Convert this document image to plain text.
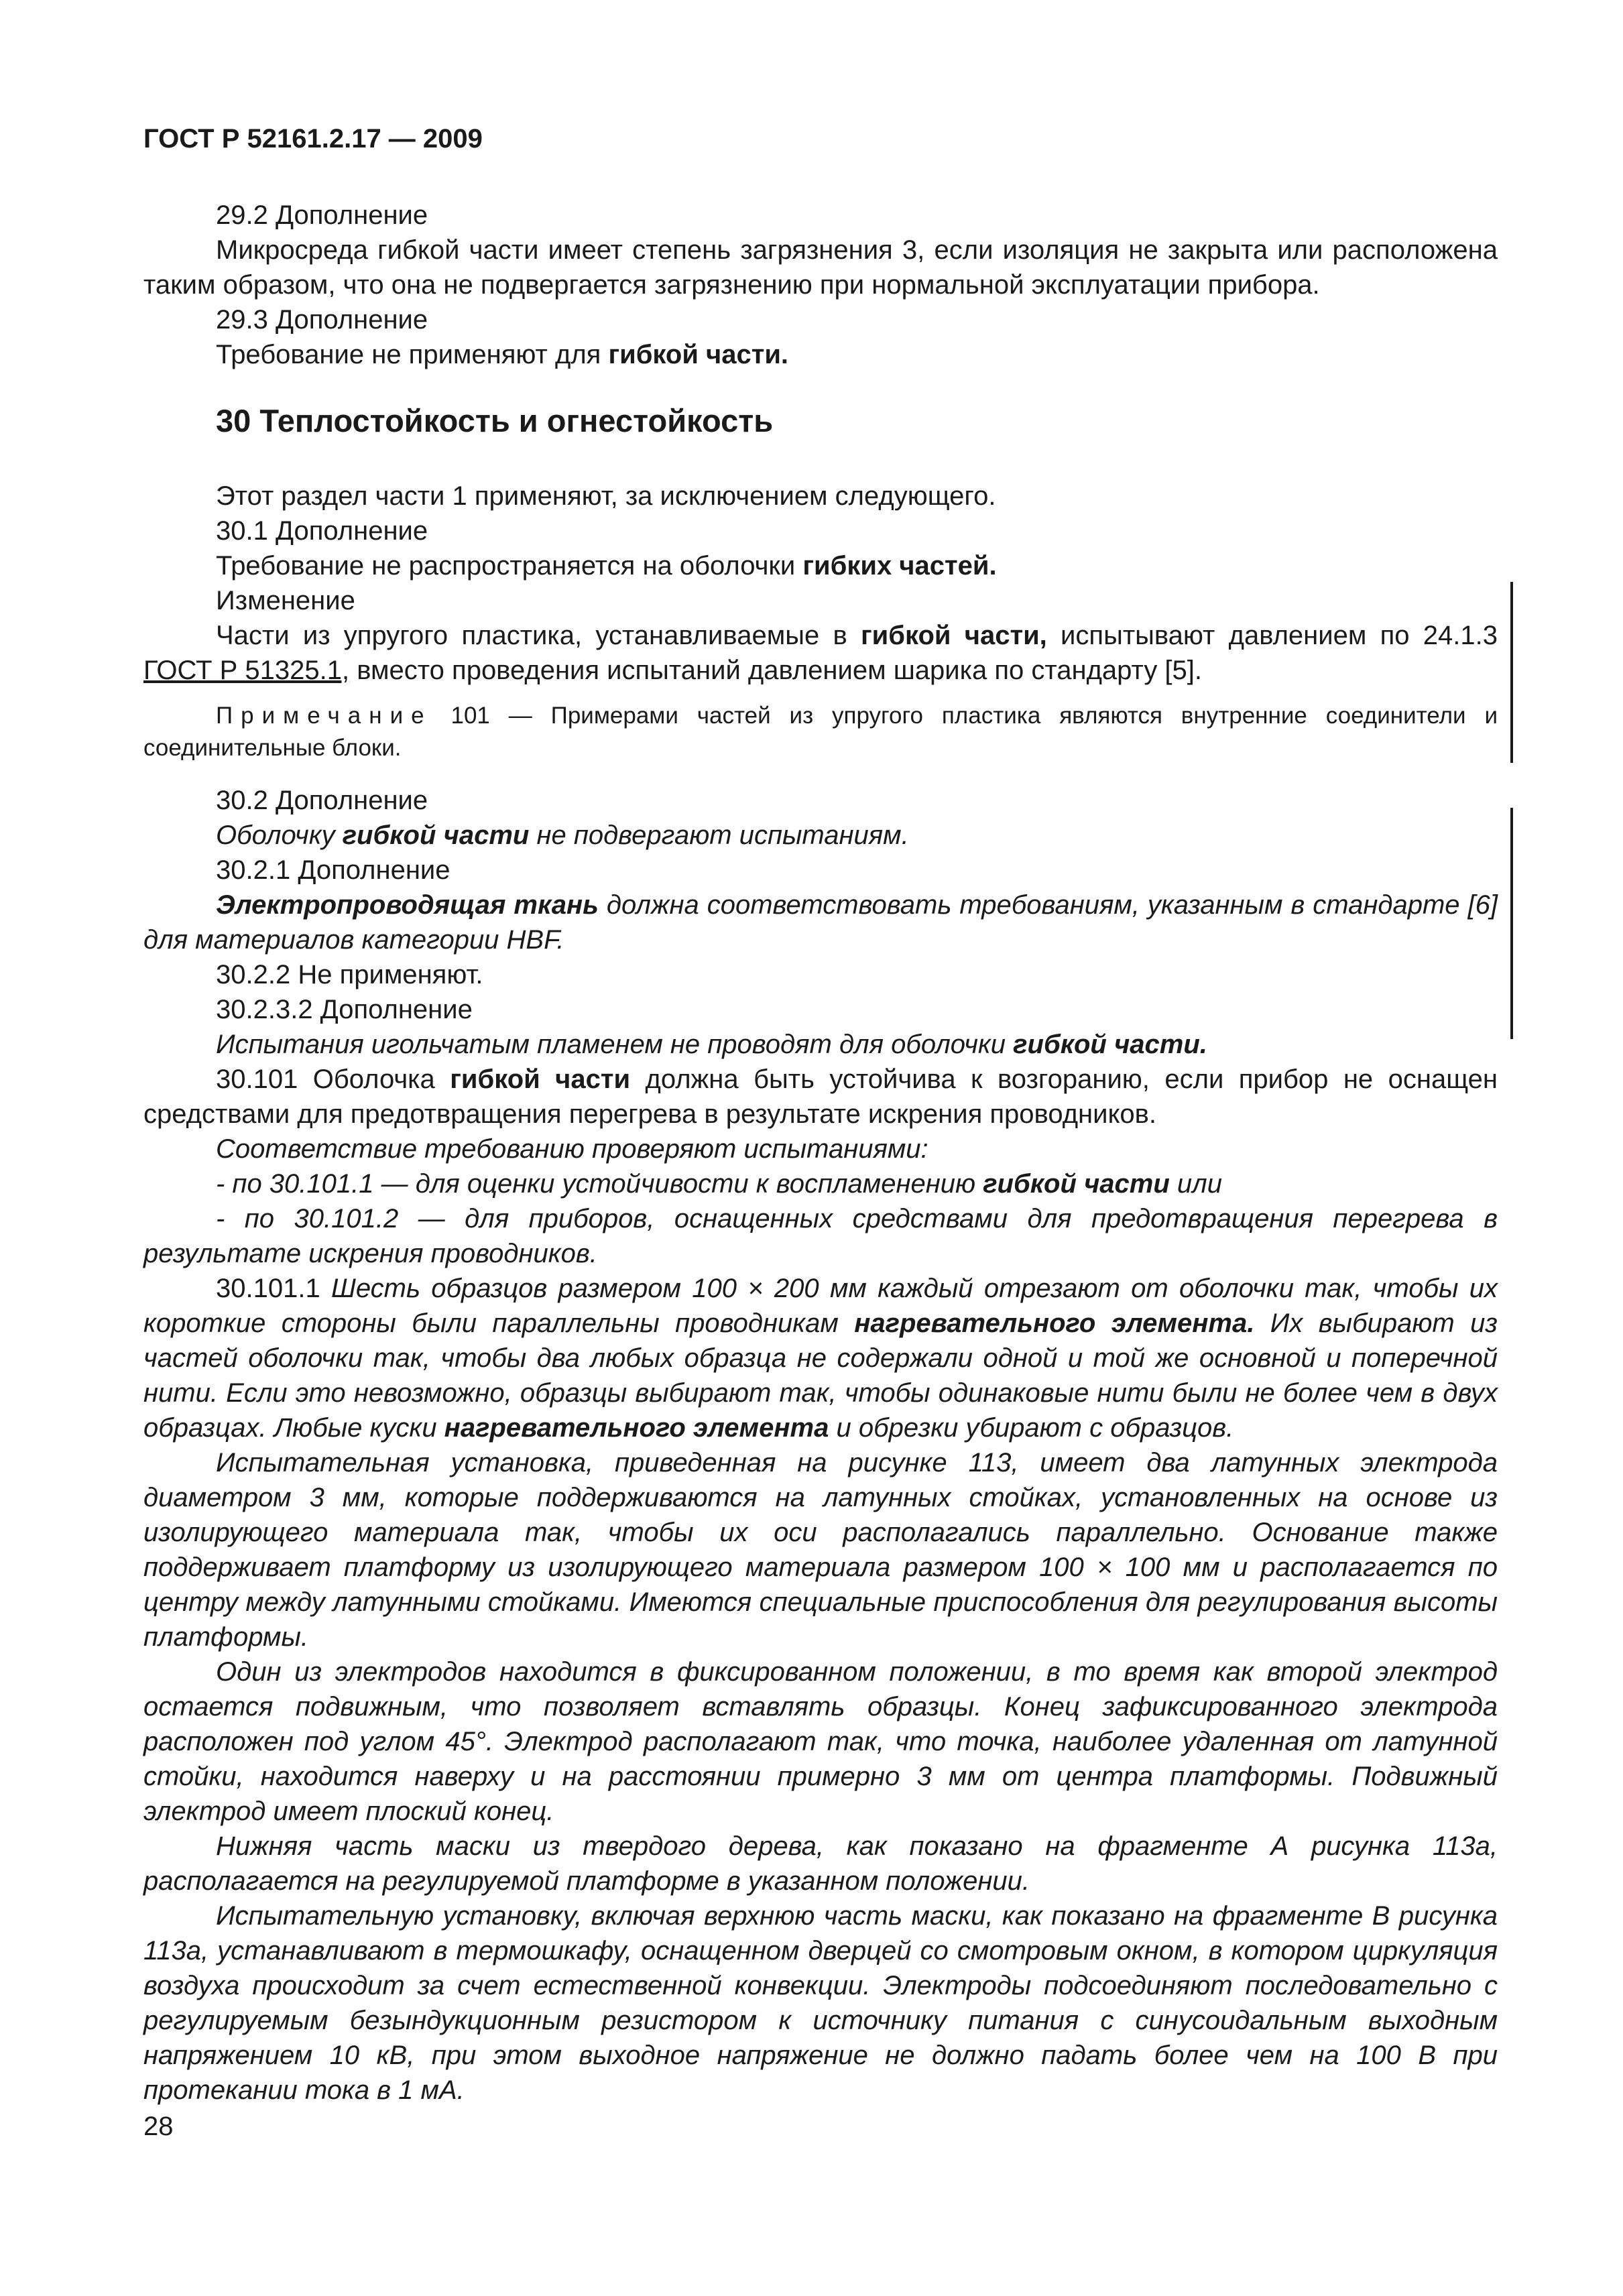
ГОСТ Р 52161.2.17 — 2009

29.2 Дополнение

Микросреда гибкой части имеет степень загрязнения 3, если изоляция не закрыта или расположена таким образом, что она не подвергается загрязнению при нормальной эксплуатации прибора.

29.3 Дополнение

Требование не применяют для гибкой части.

30 Теплостойкость и огнестойкость

Этот раздел части 1 применяют, за исключением следующего.

30.1 Дополнение

Требование не распространяется на оболочки гибких частей.

Изменение

Части из упругого пластика, устанавливаемые в гибкой части, испытывают давлением по 24.1.3 ГОСТ Р 51325.1, вместо проведения испытаний давлением шарика по стандарту [5].

Примечание 101 — Примерами частей из упругого пластика являются внутренние соединители и соединительные блоки.

30.2 Дополнение

Оболочку гибкой части не подвергают испытаниям.

30.2.1 Дополнение

Электропроводящая ткань должна соответствовать требованиям, указанным в стандарте [6] для материалов категории HBF.

30.2.2 Не применяют.

30.2.3.2 Дополнение

Испытания игольчатым пламенем не проводят для оболочки гибкой части.

30.101 Оболочка гибкой части должна быть устойчива к возгоранию, если прибор не оснащен средствами для предотвращения перегрева в результате искрения проводников.

Соответствие требованию проверяют испытаниями:

- по 30.101.1 — для оценки устойчивости к воспламенению гибкой части или

- по 30.101.2 — для приборов, оснащенных средствами для предотвращения перегрева в результате искрения проводников.

30.101.1 Шесть образцов размером 100 × 200 мм каждый отрезают от оболочки так, чтобы их короткие стороны были параллельны проводникам нагревательного элемента. Их выбирают из частей оболочки так, чтобы два любых образца не содержали одной и той же основной и поперечной нити. Если это невозможно, образцы выбирают так, чтобы одинаковые нити были не более чем в двух образцах. Любые куски нагревательного элемента и обрезки убирают с образцов.

Испытательная установка, приведенная на рисунке 113, имеет два латунных электрода диаметром 3 мм, которые поддерживаются на латунных стойках, установленных на основе из изолирующего материала так, чтобы их оси располагались параллельно. Основание также поддерживает платформу из изолирующего материала размером 100 × 100 мм и располагается по центру между латунными стойками. Имеются специальные приспособления для регулирования высоты платформы.

Один из электродов находится в фиксированном положении, в то время как второй электрод остается подвижным, что позволяет вставлять образцы. Конец зафиксированного электрода расположен под углом 45°. Электрод располагают так, что точка, наиболее удаленная от латунной стойки, находится наверху и на расстоянии примерно 3 мм от центра платформы. Подвижный электрод имеет плоский конец.

Нижняя часть маски из твердого дерева, как показано на фрагменте А рисунка 113а, располагается на регулируемой платформе в указанном положении.

Испытательную установку, включая верхнюю часть маски, как показано на фрагменте В рисунка 113а, устанавливают в термошкафу, оснащенном дверцей со смотровым окном, в котором циркуляция воздуха происходит за счет естественной конвекции. Электроды подсоединяют последовательно с регулируемым безындукционным резистором к источнику питания с синусоидальным выходным напряжением 10 кВ, при этом выходное напряжение не должно падать более чем на 100 В при протекании тока в 1 мА.

28
